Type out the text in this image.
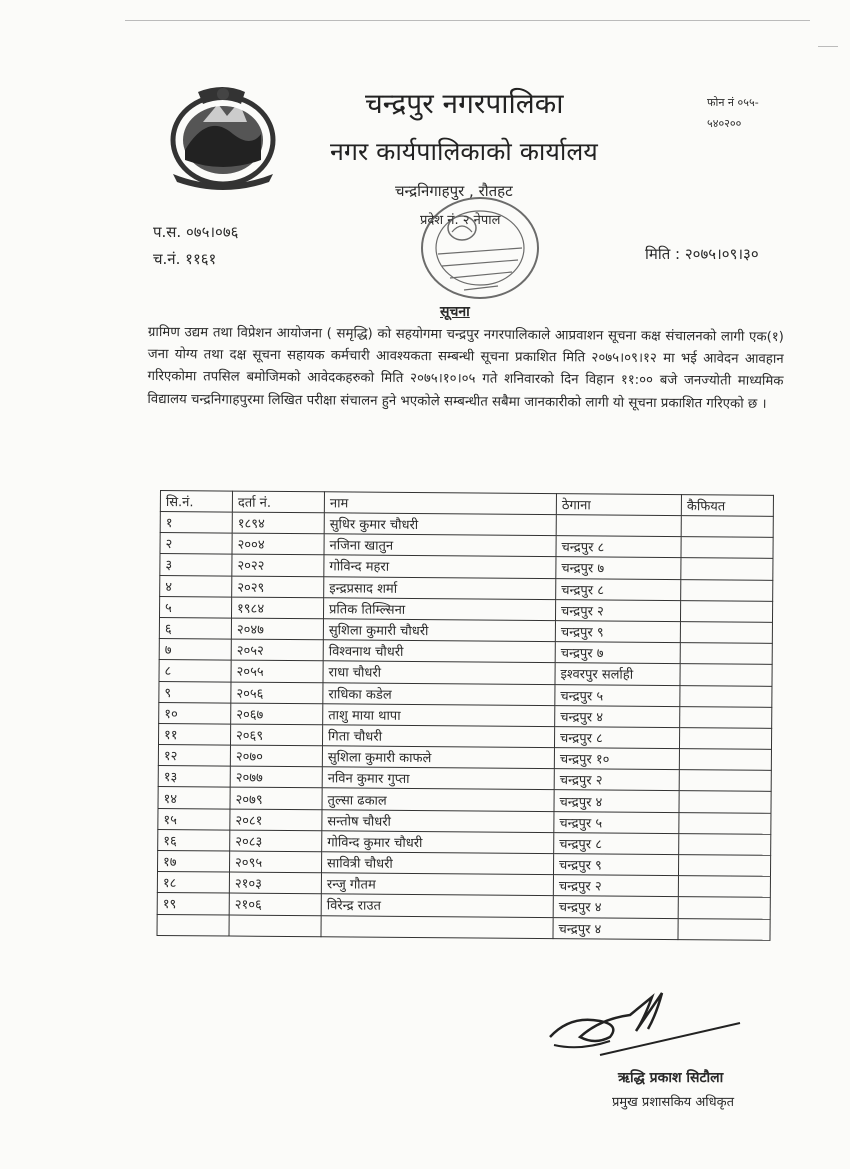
चन्द्रपुर नगरपालिका
नगर कार्यपालिकाको कार्यालय
चन्द्रनिगाहपुर , रौतहट
प्रदेश नं. २ नेपाल
फोन नं ०५५-
५४०२००
प.स. ०७५।०७६
च.नं. ११६१	मिति : २०७५।०९।३०
सूचना
ग्रामिण उद्यम तथा विप्रेशन आयोजना ( समृद्धि) को सहयोगमा चन्द्रपुर नगरपालिकाले आप्रवाशन सूचना कक्ष संचालनको लागी एक(१) जना योग्य तथा दक्ष सूचना सहायक कर्मचारी आवश्यकता सम्बन्धी सूचना प्रकाशित मिति २०७५।०९।१२ मा भई आवेदन आवहान गरिएकोमा तपसिल बमोजिमको आवेदकहरुको मिति २०७५।१०।०५ गते शनिवारको दिन विहान ११:०० बजे जनज्योती माध्यमिक विद्यालय चन्द्रनिगाहपुरमा लिखित परीक्षा संचालन हुने भएकोले सम्बन्धीत सबैमा जानकारीको लागी यो सूचना प्रकाशित गरिएको छ ।
सि.नं.	दर्ता नं.	नाम	ठेगाना	कैफियत
१	१८९४	सुधिर कुमार चौधरी		
२	२००४	नजिना खातुन	चन्द्रपुर ८	
३	२०२२	गोविन्द महरा	चन्द्रपुर ७	
४	२०२९	इन्द्रप्रसाद शर्मा	चन्द्रपुर ८	
५	१९८४	प्रतिक तिम्ल्सिना	चन्द्रपुर २	
६	२०४७	सुशिला कुमारी चौधरी	चन्द्रपुर ९	
७	२०५२	विश्वनाथ चौधरी	चन्द्रपुर ७	
८	२०५५	राधा चौधरी	इश्वरपुर सर्लाही	
९	२०५६	राधिका कडेल	चन्द्रपुर ५	
१०	२०६७	ताशु माया थापा	चन्द्रपुर ४	
११	२०६९	गिता चौधरी	चन्द्रपुर ८	
१२	२०७०	सुशिला कुमारी काफले	चन्द्रपुर १०	
१३	२०७७	नविन कुमार गुप्ता	चन्द्रपुर २	
१४	२०७९	तुल्सा ढकाल	चन्द्रपुर ४	
१५	२०८१	सन्तोष चौधरी	चन्द्रपुर ५	
१६	२०८३	गोविन्द कुमार चौधरी	चन्द्रपुर ८	
१७	२०९५	सावित्री चौधरी	चन्द्रपुर ९	
१८	२१०३	रन्जु गौतम	चन्द्रपुर २	
१९	२१०६	विरेन्द्र राउत	चन्द्रपुर ४	
			चन्द्रपुर ४	
ऋद्धि प्रकाश सिटौला
प्रमुख प्रशासकिय अधिकृत
